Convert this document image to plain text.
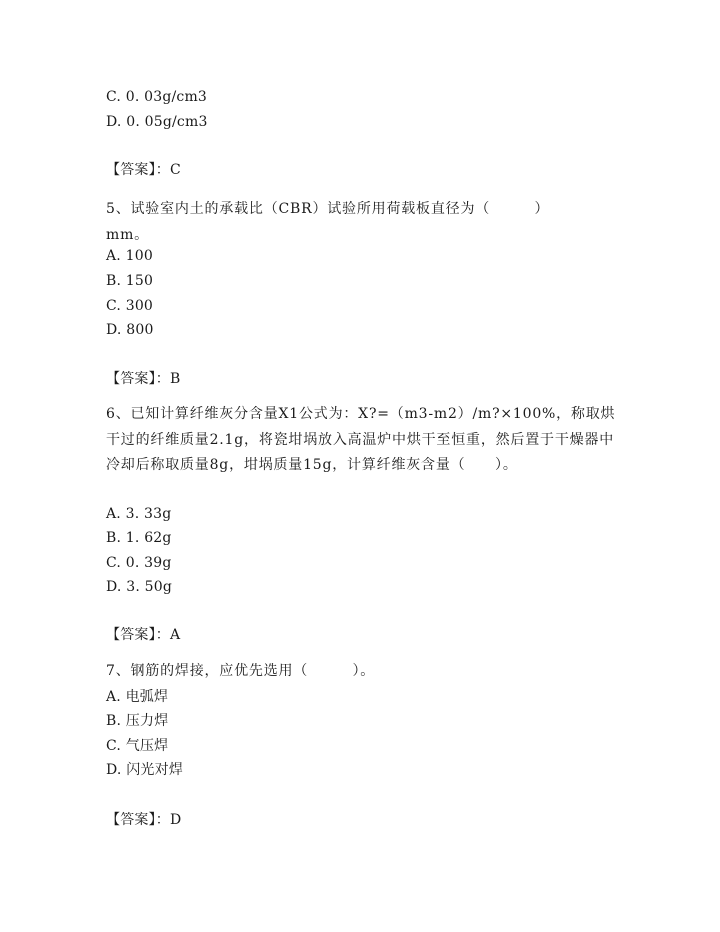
C. 0. 03g/cm3
D. 0. 05g/cm3
【答案】：C
5、试验室内土的承载比（CBR）试验所用荷载板直径为（　　　）mm。
A. 100
B. 150
C. 300
D. 800
【答案】：B
6、已知计算纤维灰分含量X1公式为：X?=（m3-m2）/m?×100%，称取烘干过的纤维质量2.1g，将瓷坩埚放入高温炉中烘干至恒重，然后置于干燥器中冷却后称取质量8g，坩埚质量15g，计算纤维灰含量（　　）。
A. 3. 33g
B. 1. 62g
C. 0. 39g
D. 3. 50g
【答案】：A
7、钢筋的焊接，应优先选用（　　　）。
A. 电弧焊
B. 压力焊
C. 气压焊
D. 闪光对焊
【答案】：D
